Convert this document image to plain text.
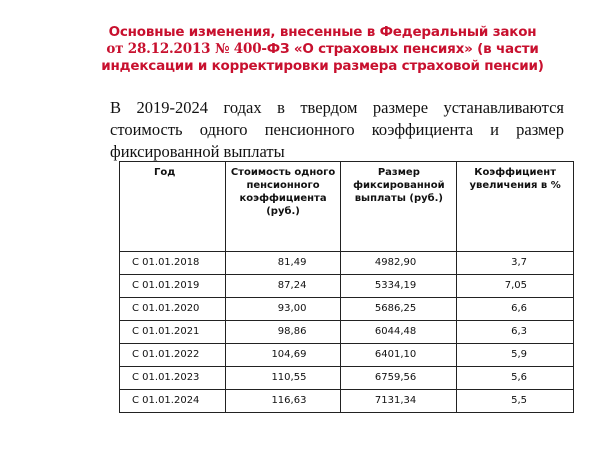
Основные изменения, внесенные в Федеральный закон
от 28.12.2013 № 400-ФЗ «О страховых пенсиях» (в части
индексации и корректировки размера страховой пенсии)
В 2019-2024 годах в твердом размере устанавливаются
стоимость одного пенсионного коэффициента и размер
фиксированной выплаты
Год	Стоимость одного пенсионного коэффициента (руб.)	Размер фиксированной выплаты (руб.)	Коэффициент увеличения в %
С 01.01.2018	81,49	4982,90	3,7
С 01.01.2019	87,24	5334,19	7,05
С 01.01.2020	93,00	5686,25	6,6
С 01.01.2021	98,86	6044,48	6,3
С 01.01.2022	104,69	6401,10	5,9
С 01.01.2023	110,55	6759,56	5,6
С 01.01.2024	116,63	7131,34	5,5
